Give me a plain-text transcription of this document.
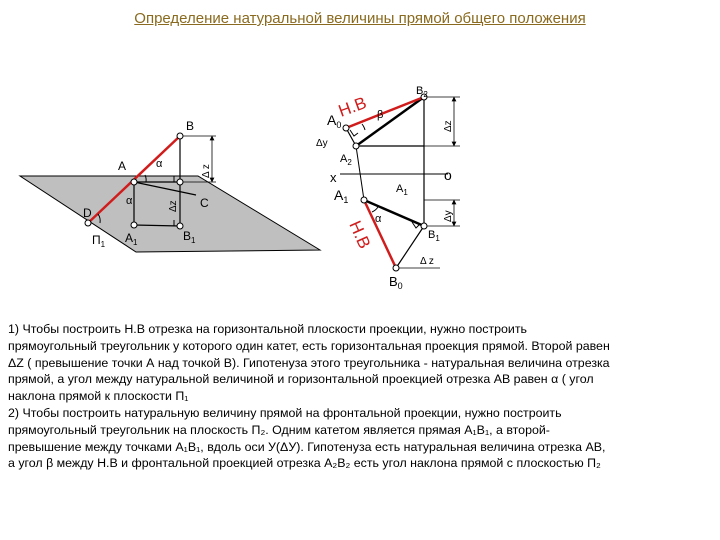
Определение натуральной величины прямой общего положения
B
A
D
$A_1$	$B_1$
C
$П_1$
α
α
Δ z
Δz
$B_2$
$A_0$
Н.В β
Δy
$A_2$
Δz
x	o
$A_1$
$A_1$
α	Δy
$B_1$
Н.В
Δ z
$B_0$

1) Чтобы построить Н.В отрезка на горизонтальной плоскости проекции, нужно построить

прямоугольный треугольник у которого один катет, есть горизонтальная проекция прямой. Второй равен

ΔZ ( превышение точки А над точкой В). Гипотенуза этого треугольника - натуральная величина отрезка

прямой, а угол между натуральной величиной и горизонтальной проекцией отрезка АВ равен α ( угол

наклона прямой к плоскости П₁

2) Чтобы построить натуральную величину прямой на фронтальной проекции, нужно построить

прямоугольный треугольник на плоскость П₂. Одним катетом является прямая А₁В₁, а второй-

превышение между точками А₁В₁, вдоль оси У(ΔУ). Гипотенуза есть натуральная величина отрезка АВ,

а угол β между Н.В и фронтальной проекцией отрезка А₂В₂ есть угол наклона прямой с плоскостью П₂
